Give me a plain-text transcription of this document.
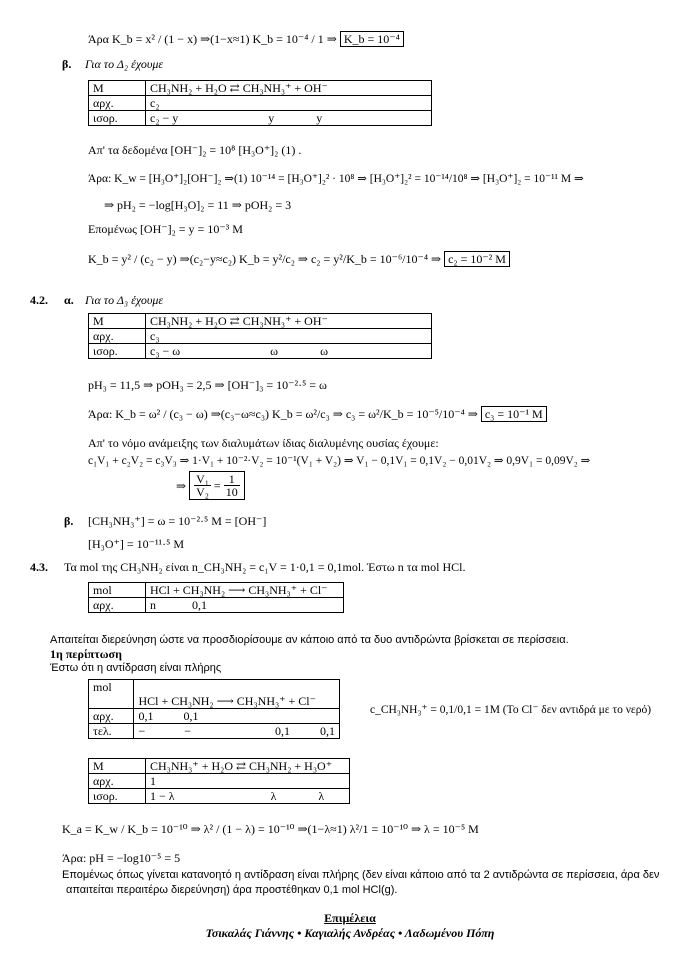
Άρα K_b = x² / (1 − x) ⇒(1−x≈1) K_b = 10⁻⁴ / 1 ⇒ K_b = 10⁻⁴
β. Για το Δ₂ έχουμε
M	CH₃NH₂ + H₂O ⇄ CH₃NH₃⁺ + OH⁻
αρχ.	c₂
ισορ.	c₂ − y                              y              y
Απ' τα δεδομένα [OH⁻]₂ = 10⁸ [H₃O⁺]₂ (1) .
Άρα: K_w = [H₃O⁺]₂[OH⁻]₂ ⇒(1) 10⁻¹⁴ = [H₃O⁺]₂² · 10⁸ ⇒ [H₃O⁺]₂² = 10⁻¹⁴/10⁸ ⇒ [H₃O⁺]₂ = 10⁻¹¹ M ⇒
⇒ pH₂ = −log[H₃O]₂ = 11 ⇒ pOH₂ = 3
Επομένως [OH⁻]₂ = y = 10⁻³ M
K_b = y² / (c₂ − y) ⇒(c₂−y≈c₂) K_b = y²/c₂ ⇒ c₂ = y²/K_b = 10⁻⁶/10⁻⁴ ⇒ c₂ = 10⁻² M
4.2. α. Για το Δ₃ έχουμε
M	CH₃NH₂ + H₂O ⇄ CH₃NH₃⁺ + OH⁻
αρχ.	c₃
ισορ.	c₃ − ω                              ω              ω
pH₃ = 11,5 ⇒ pOH₃ = 2,5 ⇒ [OH⁻]₃ = 10⁻²·⁵ = ω
Άρα: K_b = ω² / (c₃ − ω) ⇒(c₃−ω≈c₃) K_b = ω²/c₃ ⇒ c₃ = ω²/K_b = 10⁻⁵/10⁻⁴ ⇒ c₃ = 10⁻¹ M
Απ' το νόμο ανάμειξης των διαλυμάτων ίδιας διαλυμένης ουσίας έχουμε:
c₁V₁ + c₂V₂ = c₃V₃ ⇒ 1·V₁ + 10⁻²·V₂ = 10⁻¹(V₁ + V₂) ⇒ V₁ − 0,1V₁ = 0,1V₂ − 0,01V₂ ⇒ 0,9V₁ = 0,09V₂ ⇒
⇒ $\frac{\text{V₁}}{\text{V₂}} = \frac{1}{10}$
β. [CH₃NH₃⁺] = ω = 10⁻²·⁵ M = [OH⁻]
[H₃O⁺] = 10⁻¹¹·⁵ M
4.3. Τα mol της CH₃NH₂ είναι n_CH₃NH₂ = c₁V = 1·0,1 = 0,1mol. Έστω n τα mol HCl.
mol	HCl + CH₃NH₂ ⟶ CH₃NH₃⁺ + Cl⁻
αρχ.	n            0,1
Απαιτείται διερεύνηση ώστε να προσδιορίσουμε αν κάποιο από τα δυο αντιδρώντα βρίσκεται σε περίσσεια.
1η περίπτωση
Έστω ότι η αντίδραση είναι πλήρης
mol	HCl + CH₃NH₂ ⟶ CH₃NH₃⁺ + Cl⁻
αρχ.	0,1          0,1
τελ.	−             −                            0,1          0,1
c_CH₃NH₃⁺ = 0,1/0,1 = 1M (Το Cl⁻ δεν αντιδρά με το νερό)
M	CH₃NH₃⁺ + H₂O ⇄ CH₃NH₂ + H₃O⁺
αρχ.	1
ισορ.	1 − λ                                λ              λ
K_a = K_w / K_b = 10⁻¹⁰ ⇒ λ² / (1 − λ) = 10⁻¹⁰ ⇒(1−λ≈1) λ²/1 = 10⁻¹⁰ ⇒ λ = 10⁻⁵ M
Άρα: pH = −log10⁻⁵ = 5
Επομένως όπως γίνεται κατανοητό η αντίδραση είναι πλήρης (δεν είναι κάποιο από τα 2 αντιδρώντα σε περίσσεια, άρα δεν
απαιτείται περαιτέρω διερεύνηση) άρα προστέθηκαν 0,1 mol HCl(g).
Επιμέλεια
Τσικαλάς Γιάννης • Καγιαλής Ανδρέας • Λαδωμένου Πόπη
